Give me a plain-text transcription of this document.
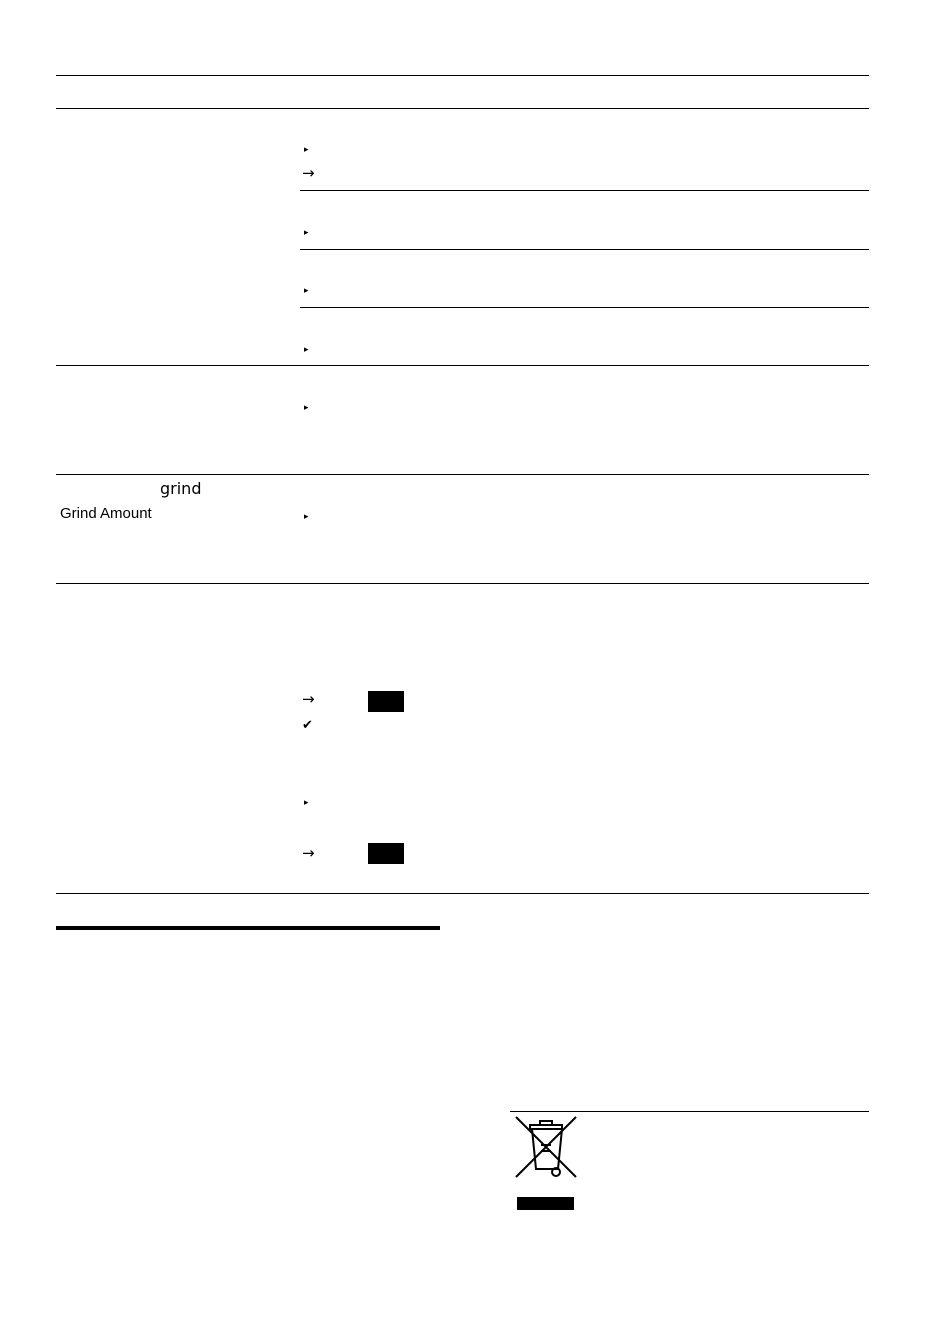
▸
→
▸
▸
▸
▸
grind
Grind Amount	▸
→
✔
▸
→
